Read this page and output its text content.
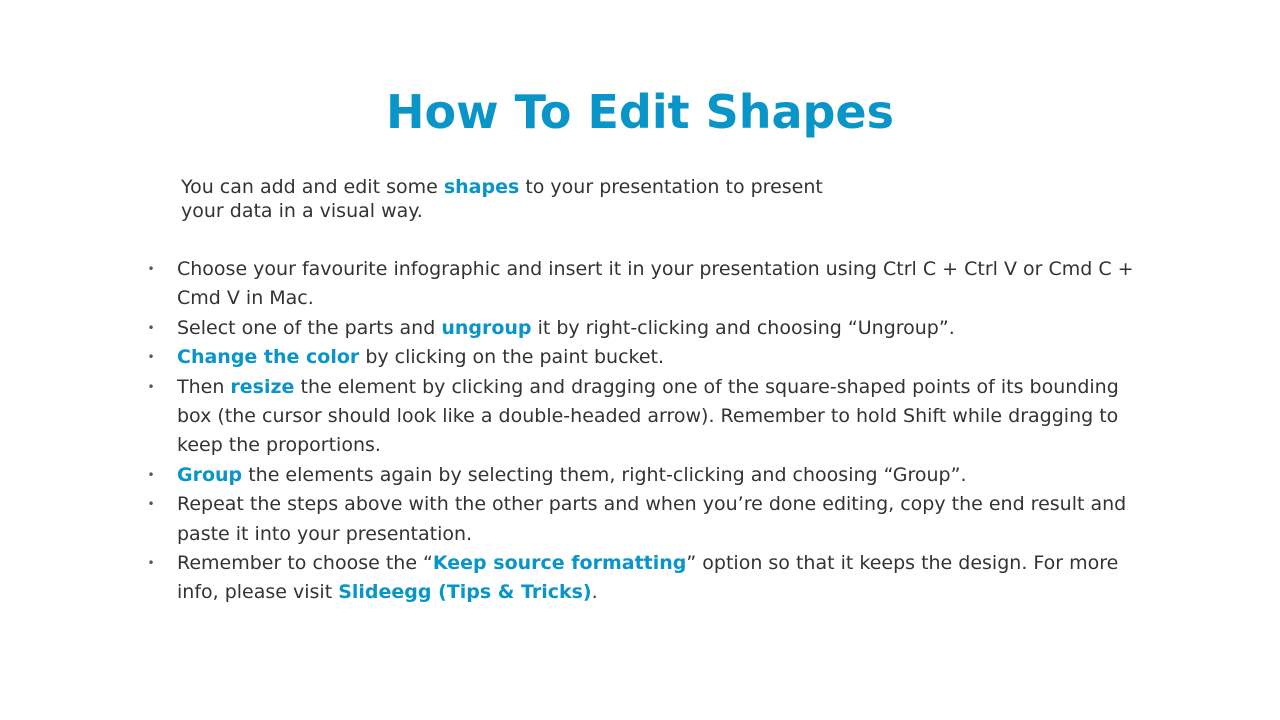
How To Edit Shapes

You can add and edit some shapes to your presentation to present your data in a visual way.

• Choose your favourite infographic and insert it in your presentation using Ctrl C + Ctrl V or Cmd C + Cmd V in Mac.
• Select one of the parts and ungroup it by right-clicking and choosing “Ungroup”.
• Change the color by clicking on the paint bucket.
• Then resize the element by clicking and dragging one of the square-shaped points of its bounding box (the cursor should look like a double-headed arrow). Remember to hold Shift while dragging to keep the proportions.
• Group the elements again by selecting them, right-clicking and choosing “Group”.
• Repeat the steps above with the other parts and when you’re done editing, copy the end result and paste it into your presentation.
• Remember to choose the “Keep source formatting” option so that it keeps the design. For more info, please visit Slideegg (Tips & Tricks).
